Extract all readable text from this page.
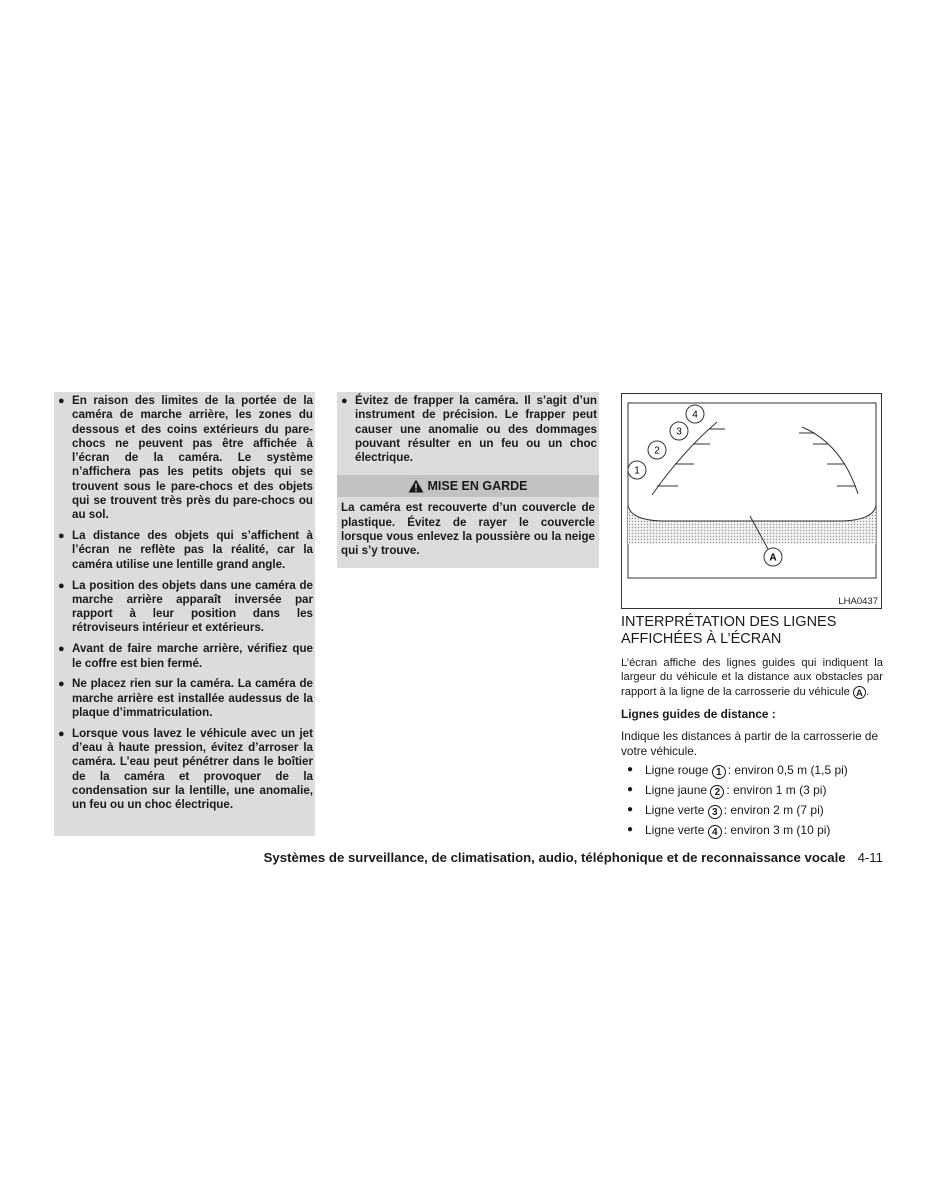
● En raison des limites de la portée de la caméra de marche arrière, les zones du dessous et des coins extérieurs du pare-chocs ne peuvent pas être affichée à l’écran de la caméra. Le système n’affichera pas les petits objets qui se trouvent sous le pare-chocs et des objets qui se trouvent très près du pare-chocs ou au sol.
● La distance des objets qui s’affichent à l’écran ne reflète pas la réalité, car la caméra utilise une lentille grand angle.
● La position des objets dans une caméra de marche arrière apparaît inversée par rapport à leur position dans les rétroviseurs intérieur et extérieurs.
● Avant de faire marche arrière, vérifiez que le coffre est bien fermé.
● Ne placez rien sur la caméra. La caméra de marche arrière est installée audessus de la plaque d’immatriculation.
● Lorsque vous lavez le véhicule avec un jet d’eau à haute pression, évitez d’arroser la caméra. L’eau peut pénétrer dans le boîtier de la caméra et provoquer de la condensation sur la lentille, une anomalie, un feu ou un choc électrique.
● Évitez de frapper la caméra. Il s’agit d’un instrument de précision. Le frapper peut causer une anomalie ou des dommages pouvant résulter en un feu ou un choc électrique.
MISE EN GARDE
La caméra est recouverte d’un couvercle de plastique. Évitez de rayer le couvercle lorsque vous enlevez la poussière ou la neige qui s’y trouve.
1
2
3
4
A
LHA0437
INTERPRÉTATION DES LIGNES
AFFICHÉES À L’ÉCRAN
L’écran affiche des lignes guides qui indiquent la largeur du véhicule et la distance aux obstacles par rapport à la ligne de la carrosserie du véhicule A .
Lignes guides de distance :
Indique les distances à partir de la carrosserie de votre véhicule.
● Ligne rouge 1 : environ 0,5 m (1,5 pi)
● Ligne jaune 2 : environ 1 m (3 pi)
● Ligne verte 3 : environ 2 m (7 pi)
● Ligne verte 4 : environ 3 m (10 pi)
Systèmes de surveillance, de climatisation, audio, téléphonique et de reconnaissance vocale 4-11
